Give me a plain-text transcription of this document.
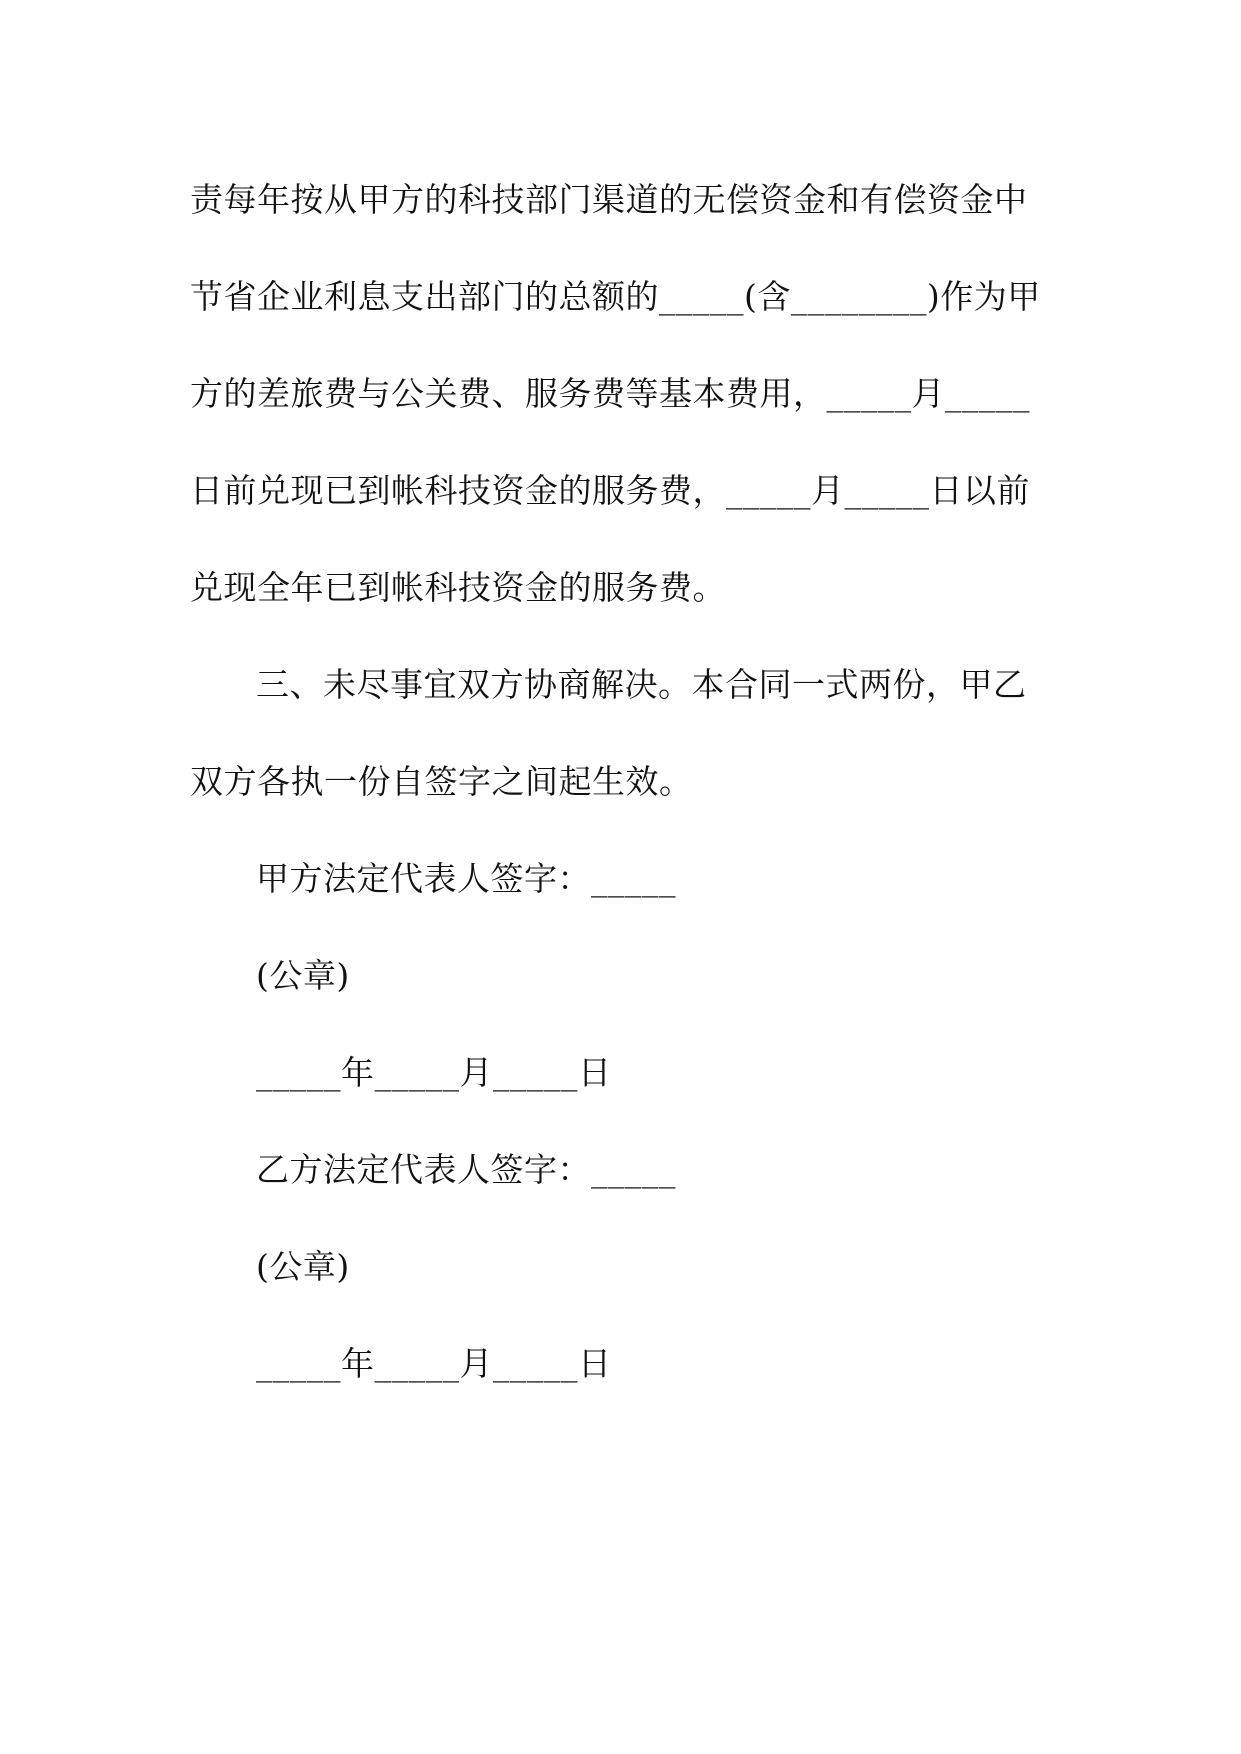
责每年按从甲方的科技部门渠道的无偿资金和有偿资金中
节省企业利息支出部门的总额的_____(含________)作为甲
方的差旅费与公关费、服务费等基本费用，_____月_____
日前兑现已到帐科技资金的服务费，_____月_____日以前
兑现全年已到帐科技资金的服务费。
三、未尽事宜双方协商解决。本合同一式两份，甲乙
双方各执一份自签字之间起生效。
甲方法定代表人签字：_____
(公章)
_____年_____月_____日
乙方法定代表人签字：_____
(公章)
_____年_____月_____日
